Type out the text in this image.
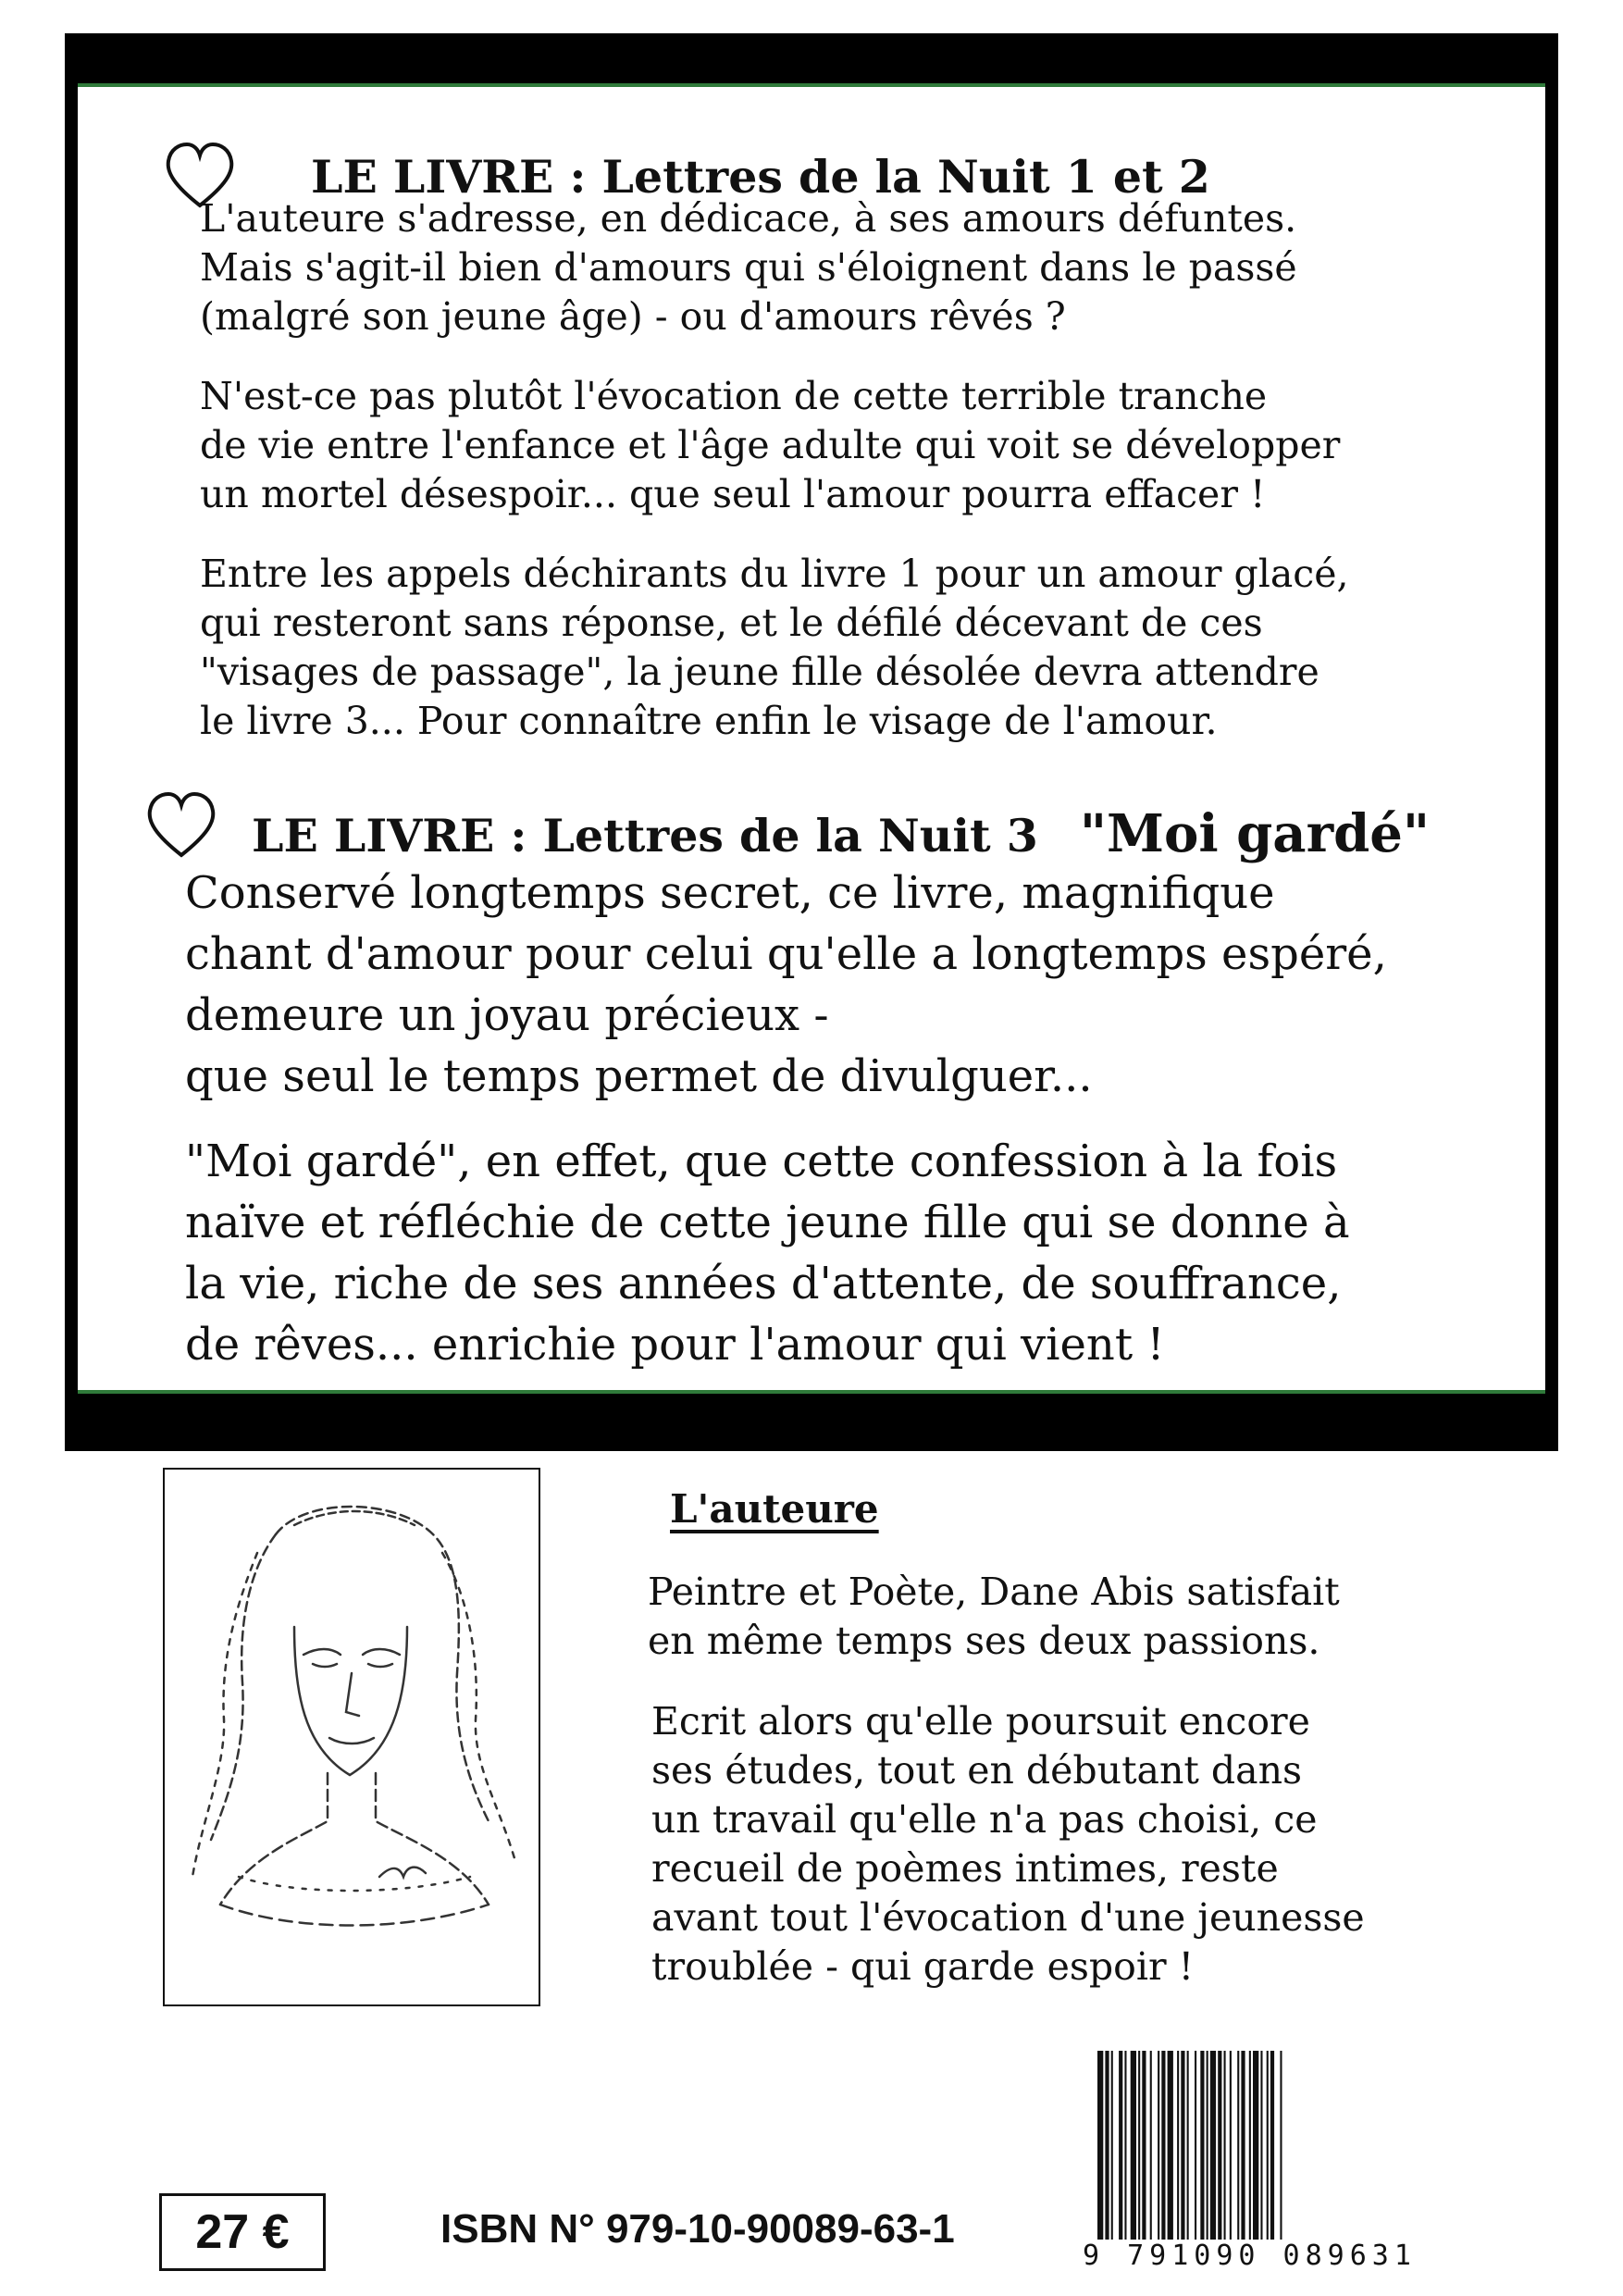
LE LIVRE : Lettres de la Nuit 1 et 2

L'auteure s'adresse, en dédicace, à ses amours défuntes.
Mais s'agit-il bien d'amours qui s'éloignent dans le passé
(malgré son jeune âge) - ou d'amours rêvés ?

N'est-ce pas plutôt l'évocation de cette terrible tranche
de vie entre l'enfance et l'âge adulte qui voit se développer
un mortel désespoir... que seul l'amour pourra effacer !

Entre les appels déchirants du livre 1 pour un amour glacé,
qui resteront sans réponse, et le défilé décevant de ces
"visages de passage", la jeune fille désolée devra attendre
le livre 3... Pour connaître enfin le visage de l'amour.

LE LIVRE : Lettres de la Nuit 3 "Moi gardé"

Conservé longtemps secret, ce livre, magnifique
chant d'amour pour celui qu'elle a longtemps espéré,
demeure un joyau précieux -
que seul le temps permet de divulguer...

"Moi gardé", en effet, que cette confession à la fois
naïve et réfléchie de cette jeune fille qui se donne à
la vie, riche de ses années d'attente, de souffrance,
de rêves... enrichie pour l'amour qui vient !

L'auteure

Peintre et Poète, Dane Abis satisfait
en même temps ses deux passions.

Ecrit alors qu'elle poursuit encore
ses études, tout en débutant dans
un travail qu'elle n'a pas choisi, ce
recueil de poèmes intimes, reste
avant tout l'évocation d'une jeunesse
troublée - qui garde espoir !

27 €	ISBN N° 979-10-90089-63-1
9 791090 089631
